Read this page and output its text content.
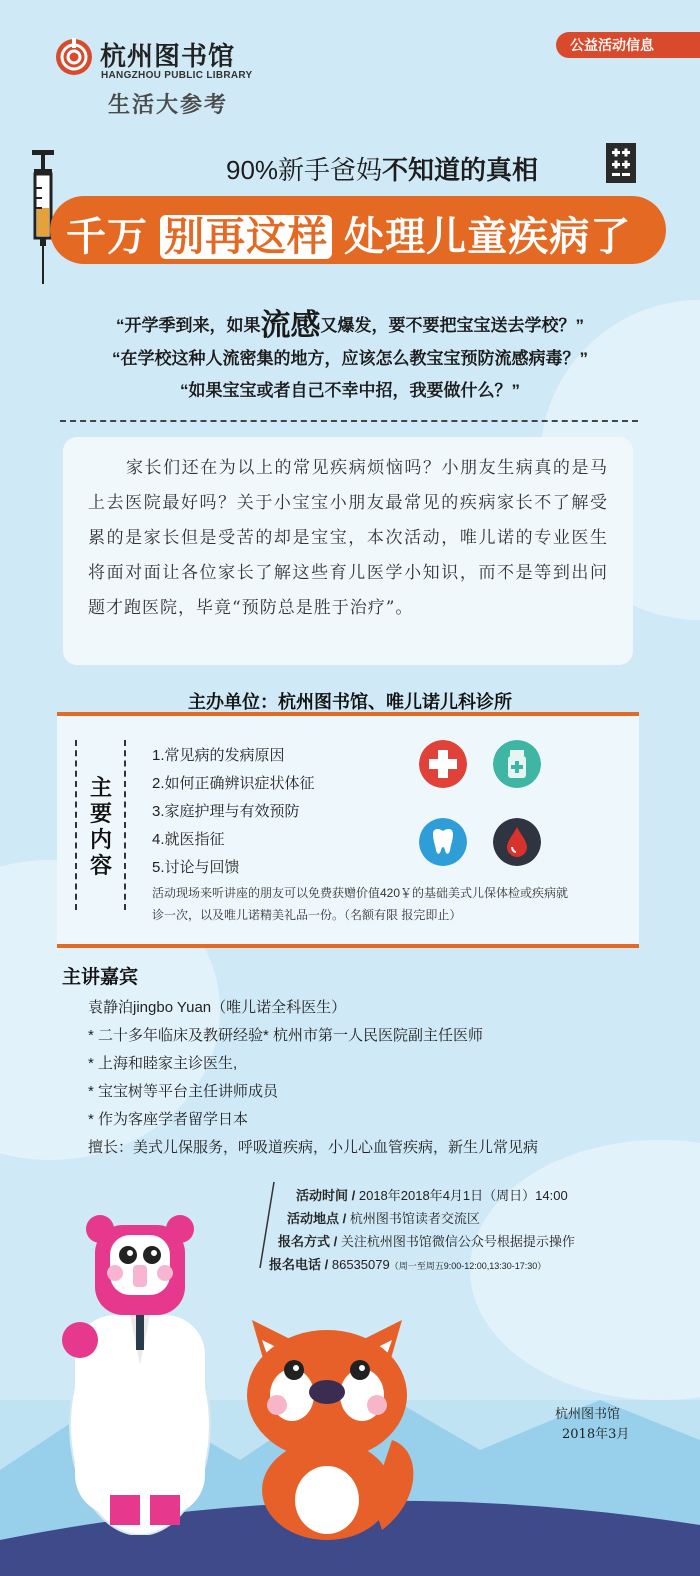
杭州图书馆
HANGZHOU PUBLIC LIBRARY
生活大参考
公益活动信息
90%新手爸妈不知道的真相
千万 别再这样 处理儿童疾病了
“开学季到来，如果流感又爆发，要不要把宝宝送去学校？”
“在学校这种人流密集的地方，应该怎么教宝宝预防流感病毒？”
“如果宝宝或者自己不幸中招，我要做什么？”
家长们还在为以上的常见疾病烦恼吗？小朋友生病真的是马上去医院最好吗？关于小宝宝小朋友最常见的疾病家长不了解受累的是家长但是受苦的却是宝宝，本次活动，唯儿诺的专业医生将面对面让各位家长了解这些育儿医学小知识，而不是等到出问题才跑医院，毕竟“预防总是胜于治疗”。
主办单位：杭州图书馆、唯儿诺儿科诊所
主要内容
1.常见病的发病原因
2.如何正确辨识症状体征
3.家庭护理与有效预防
4.就医指征
5.讨论与回馈
活动现场来听讲座的朋友可以免费获赠价值420￥的基础美式儿保体检或疾病就诊一次，以及唯儿诺精美礼品一份。（名额有限 报完即止）
主讲嘉宾
袁静泊jingbo Yuan（唯儿诺全科医生）
* 二十多年临床及教研经验* 杭州市第一人民医院副主任医师
* 上海和睦家主诊医生,
* 宝宝树等平台主任讲师成员
* 作为客座学者留学日本
擅长：美式儿保服务，呼吸道疾病，小儿心血管疾病，新生儿常见病
活动时间 / 2018年2018年4月1日（周日）14:00
活动地点 / 杭州图书馆读者交流区
报名方式 / 关注杭州图书馆微信公众号根据提示操作
报名电话 / 86535079（周一至周五9:00-12:00,13:30-17:30）
杭州图书馆
2018年3月
